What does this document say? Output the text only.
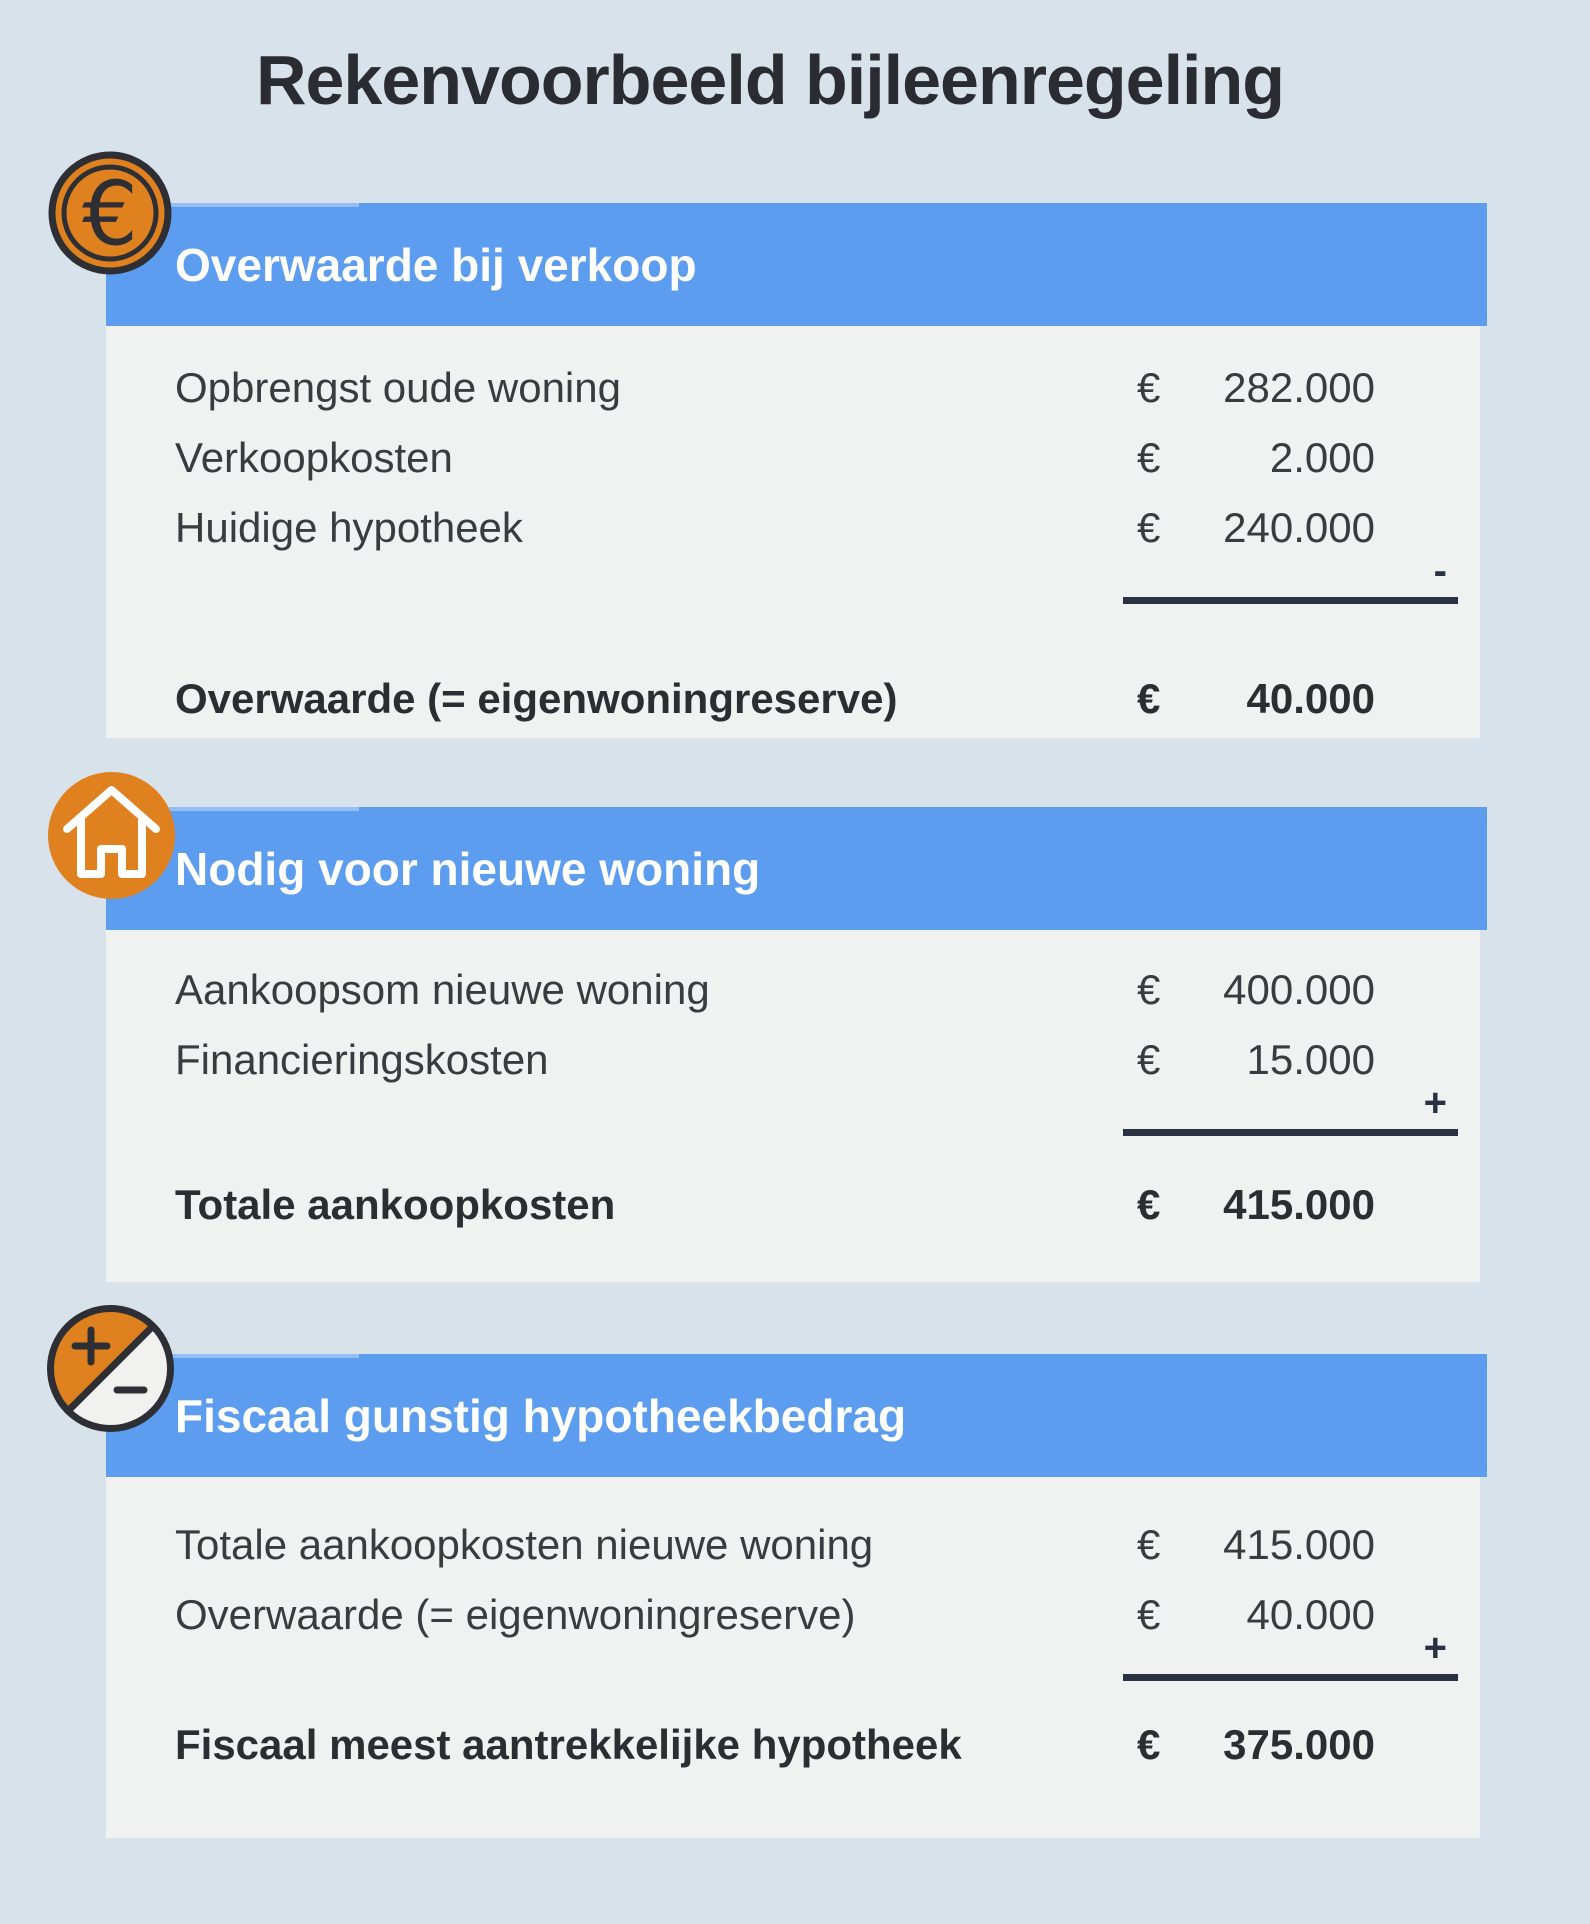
Rekenvoorbeeld bijleenregeling
Overwaarde bij verkoop
Opbrengst oude woning	€ 282.000
Verkoopkosten	€	2.000
Huidige hypotheek	€ 240.000
-
Overwaarde (= eigenwoningreserve)	€ 40.000
Nodig voor nieuwe woning
Aankoopsom nieuwe woning	€ 400.000
Financieringskosten	€ 15.000
+
Totale aankoopkosten	€ 415.000
Fiscaal gunstig hypotheekbedrag
Totale aankoopkosten nieuwe woning	€ 415.000
Overwaarde (= eigenwoningreserve)	€ 40.000
+
Fiscaal meest aantrekkelijke hypotheek	€ 375.000
€
